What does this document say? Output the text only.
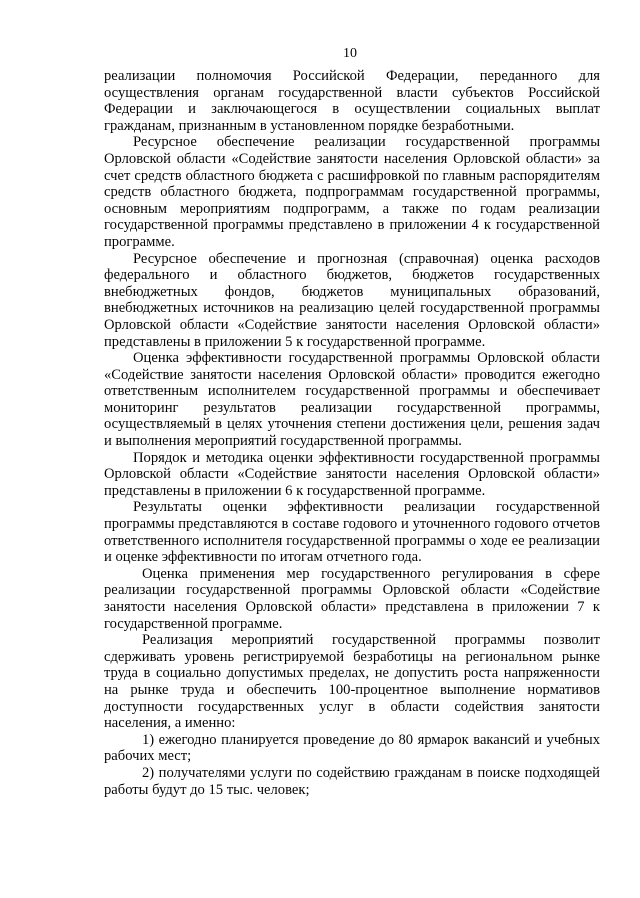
10

реализации полномочия Российской Федерации, переданного для осуществления органам государственной власти субъектов Российской Федерации и заключающегося в осуществлении социальных выплат гражданам, признанным в установленном порядке безработными.

Ресурсное обеспечение реализации государственной программы Орловской области «Содействие занятости населения Орловской области» за счет средств областного бюджета с расшифровкой по главным распорядителям средств областного бюджета, подпрограммам государственной программы, основным мероприятиям подпрограмм, а также по годам реализации государственной программы представлено в приложении 4 к государственной программе.

Ресурсное обеспечение и прогнозная (справочная) оценка расходов федерального и областного бюджетов, бюджетов государственных внебюджетных фондов, бюджетов муниципальных образований, внебюджетных источников на реализацию целей государственной программы Орловской области «Содействие занятости населения Орловской области» представлены в приложении 5 к государственной программе.

Оценка эффективности государственной программы Орловской области «Содействие занятости населения Орловской области» проводится ежегодно ответственным исполнителем государственной программы и обеспечивает мониторинг результатов реализации государственной программы, осуществляемый в целях уточнения степени достижения цели, решения задач и выполнения мероприятий государственной программы.

Порядок и методика оценки эффективности государственной программы Орловской области «Содействие занятости населения Орловской области» представлены в приложении 6 к государственной программе.

Результаты оценки эффективности реализации государственной программы представляются в составе годового и уточненного годового отчетов ответственного исполнителя государственной программы о ходе ее реализации и оценке эффективности по итогам отчетного года.

Оценка применения мер государственного регулирования в сфере реализации государственной программы Орловской области «Содействие занятости населения Орловской области» представлена в приложении 7 к государственной программе.

Реализация мероприятий государственной программы позволит сдерживать уровень регистрируемой безработицы на региональном рынке труда в социально допустимых пределах, не допустить роста напряженности на рынке труда и обеспечить 100-процентное выполнение нормативов доступности государственных услуг в области содействия занятости населения, а именно:

1) ежегодно планируется проведение до 80 ярмарок вакансий и учебных рабочих мест;

2) получателями услуги по содействию гражданам в поиске подходящей работы будут до 15 тыс. человек;
